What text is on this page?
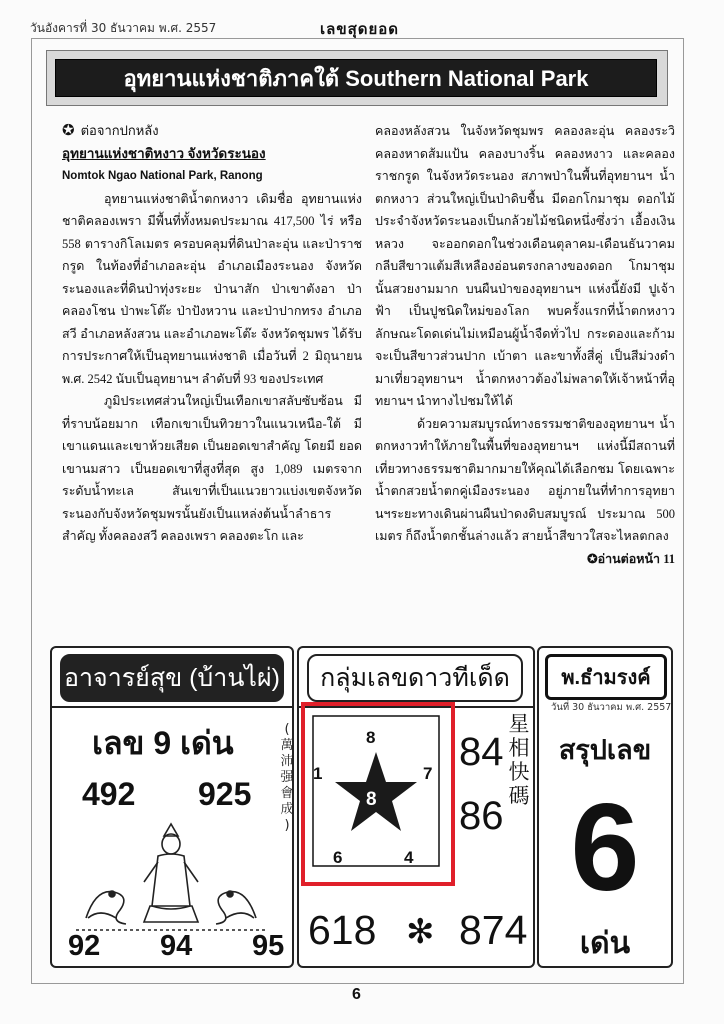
วันอังคารที่ 30 ธันวาคม พ.ศ. 2557	เลขสุดยอด
อุทยานแห่งชาติภาคใต้ Southern National Park
✪ ต่อจากปกหลัง
อุทยานแห่งชาติหงาว จังหวัดระนอง
Nomtok Ngao National Park, Ranong

อุทยานแห่งชาติน้ำตกหงาว เดิมชื่อ อุทยานแห่งชาติคลองเพรา มีพื้นที่ทั้งหมดประมาณ 417,500 ไร่ หรือ 558 ตารางกิโลเมตร ครอบคลุมที่ดินป่าละอุ่น และป่าราชกรูด ในท้องที่อำเภอละอุ่น อำเภอเมืองระนอง จังหวัดระนองและที่ดินป่าทุ่งระยะ ป่านาสัก ป่าเขาตังอา ป่าคลองโชน ป่าพะโต๊ะ ป่าปังหวาน และป่าปากทรง อำเภอสวี อำเภอหลังสวน และอำเภอพะโต๊ะ จังหวัดชุมพร ได้รับการประกาศให้เป็นอุทยานแห่งชาติ เมื่อวันที่ 2 มิถุนายน พ.ศ. 2542 นับเป็นอุทยานฯ ลำดับที่ 93 ของประเทศ

ภูมิประเทศส่วนใหญ่เป็นเทือกเขาสลับซับซ้อน มีที่ราบน้อยมาก เทือกเขาเป็นทิวยาวในแนวเหนือ-ใต้ มีเขาแดนและเขาห้วยเสียด เป็นยอดเขาสำคัญ โดยมี ยอดเขานมสาว เป็นยอดเขาที่สูงที่สุด สูง 1,089 เมตรจากระดับน้ำทะเล สันเขาที่เป็นแนวยาวแบ่งเขตจังหวัดระนองกับจังหวัดชุมพรนั้นยังเป็นแหล่งต้นน้ำลำธารสำคัญ ทั้งคลองสวี คลองเพรา คลองตะโก และ

คลองหลังสวน ในจังหวัดชุมพร คลองละอุ่น คลองระวิ คลองหาดส้มแป้น คลองบางริ้น คลองหงาว และคลองราชกรูด ในจังหวัดระนอง สภาพป่าในพื้นที่อุทยานฯ น้ำตกหงาว ส่วนใหญ่เป็นป่าดิบชื้น มีดอกโกมาชุม ดอกไม้ประจำจังหวัดระนองเป็นกล้วยไม้ชนิดหนึ่งซึ่งว่า เอื้องเงินหลวง จะออกดอกในช่วงเดือนตุลาคม-เดือนธันวาคม กลีบสีขาวแต้มสีเหลืองอ่อนตรงกลางของดอก โกมาชุมนั้นสวยงามมาก บนผืนป่าของอุทยานฯ แห่งนี้ยังมี ปูเจ้าฟ้า เป็นปูชนิดใหม่ของโลก พบครั้งแรกที่น้ำตกหงาว ลักษณะโดดเด่นไม่เหมือนผู้น้ำจืดทั่วไป กระดองและก้ามจะเป็นสีขาวส่วนปาก เบ้าตา และขาทั้งสี่คู่ เป็นสีม่วงดำ มาเที่ยวอุทยานฯ น้ำตกหงาวต้องไม่พลาดให้เจ้าหน้าที่อุทยานฯ นำทางไปชมให้ได้

ด้วยความสมบูรณ์ทางธรรมชาติของอุทยานฯ น้ำตกหงาวทำให้ภายในพื้นที่ของอุทยานฯ แห่งนี้มีสถานที่เที่ยวทางธรรมชาติมากมายให้คุณได้เลือกชม โดยเฉพาะน้ำตกสวยน้ำตกคู่เมืองระนอง อยู่ภายในที่ทำการอุทยานฯระยะทางเดินผ่านผืนป่าดงดิบสมบูรณ์ ประมาณ 500 เมตร ก็ถึงน้ำตกชั้นล่างแล้ว สายน้ำสีขาวใสจะไหลตกลง

✪อ่านต่อหน้า 11
อาจารย์สุข (บ้านไผ่)
เลข 9 เด่น	(
萬
沛
强
會
成
)
492 925
92 94 95
กลุ่มเลขดาวทีเด็ด
8
1	7
8
6	4
84
86
星
相
快
碼
618 ✻ 874
พ.ธำมรงค์
วันที่ 30 ธันวาคม พ.ศ. 2557
สรุปเลข
6
เด่น
6
